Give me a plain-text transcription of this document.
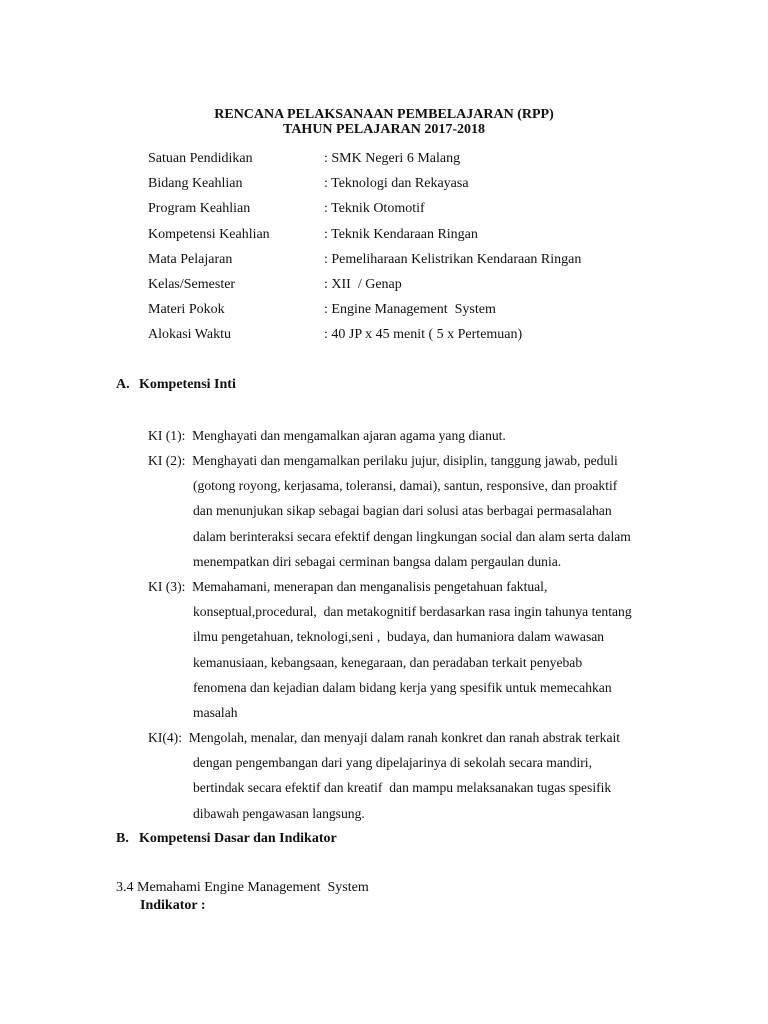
RENCANA PELAKSANAAN PEMBELAJARAN (RPP)
TAHUN PELAJARAN 2017-2018
Satuan Pendidikan	: SMK Negeri 6 Malang
Bidang Keahlian	: Teknologi dan Rekayasa
Program Keahlian	: Teknik Otomotif
Kompetensi Keahlian	: Teknik Kendaraan Ringan
Mata Pelajaran	: Pemeliharaan Kelistrikan Kendaraan Ringan
Kelas/Semester	: XII  / Genap
Materi Pokok	: Engine Management  System
Alokasi Waktu	: 40 JP x 45 menit ( 5 x Pertemuan)
A. Kompetensi Inti
KI (1):  Menghayati dan mengamalkan ajaran agama yang dianut.
KI (2):  Menghayati dan mengamalkan perilaku jujur, disiplin, tanggung jawab, peduli
(gotong royong, kerjasama, toleransi, damai), santun, responsive, dan proaktif
dan menunjukan sikap sebagai bagian dari solusi atas berbagai permasalahan
dalam berinteraksi secara efektif dengan lingkungan social dan alam serta dalam
menempatkan diri sebagai cerminan bangsa dalam pergaulan dunia.
KI (3):  Memahamani, menerapan dan menganalisis pengetahuan faktual,
konseptual,procedural,  dan metakognitif berdasarkan rasa ingin tahunya tentang
ilmu pengetahuan, teknologi,seni ,  budaya, dan humaniora dalam wawasan
kemanusiaan, kebangsaan, kenegaraan, dan peradaban terkait penyebab
fenomena dan kejadian dalam bidang kerja yang spesifik untuk memecahkan
masalah
KI(4):  Mengolah, menalar, dan menyaji dalam ranah konkret dan ranah abstrak terkait
dengan pengembangan dari yang dipelajarinya di sekolah secara mandiri,
bertindak secara efektif dan kreatif  dan mampu melaksanakan tugas spesifik
dibawah pengawasan langsung.
B. Kompetensi Dasar dan Indikator
3.4 Memahami Engine Management  System
Indikator :
